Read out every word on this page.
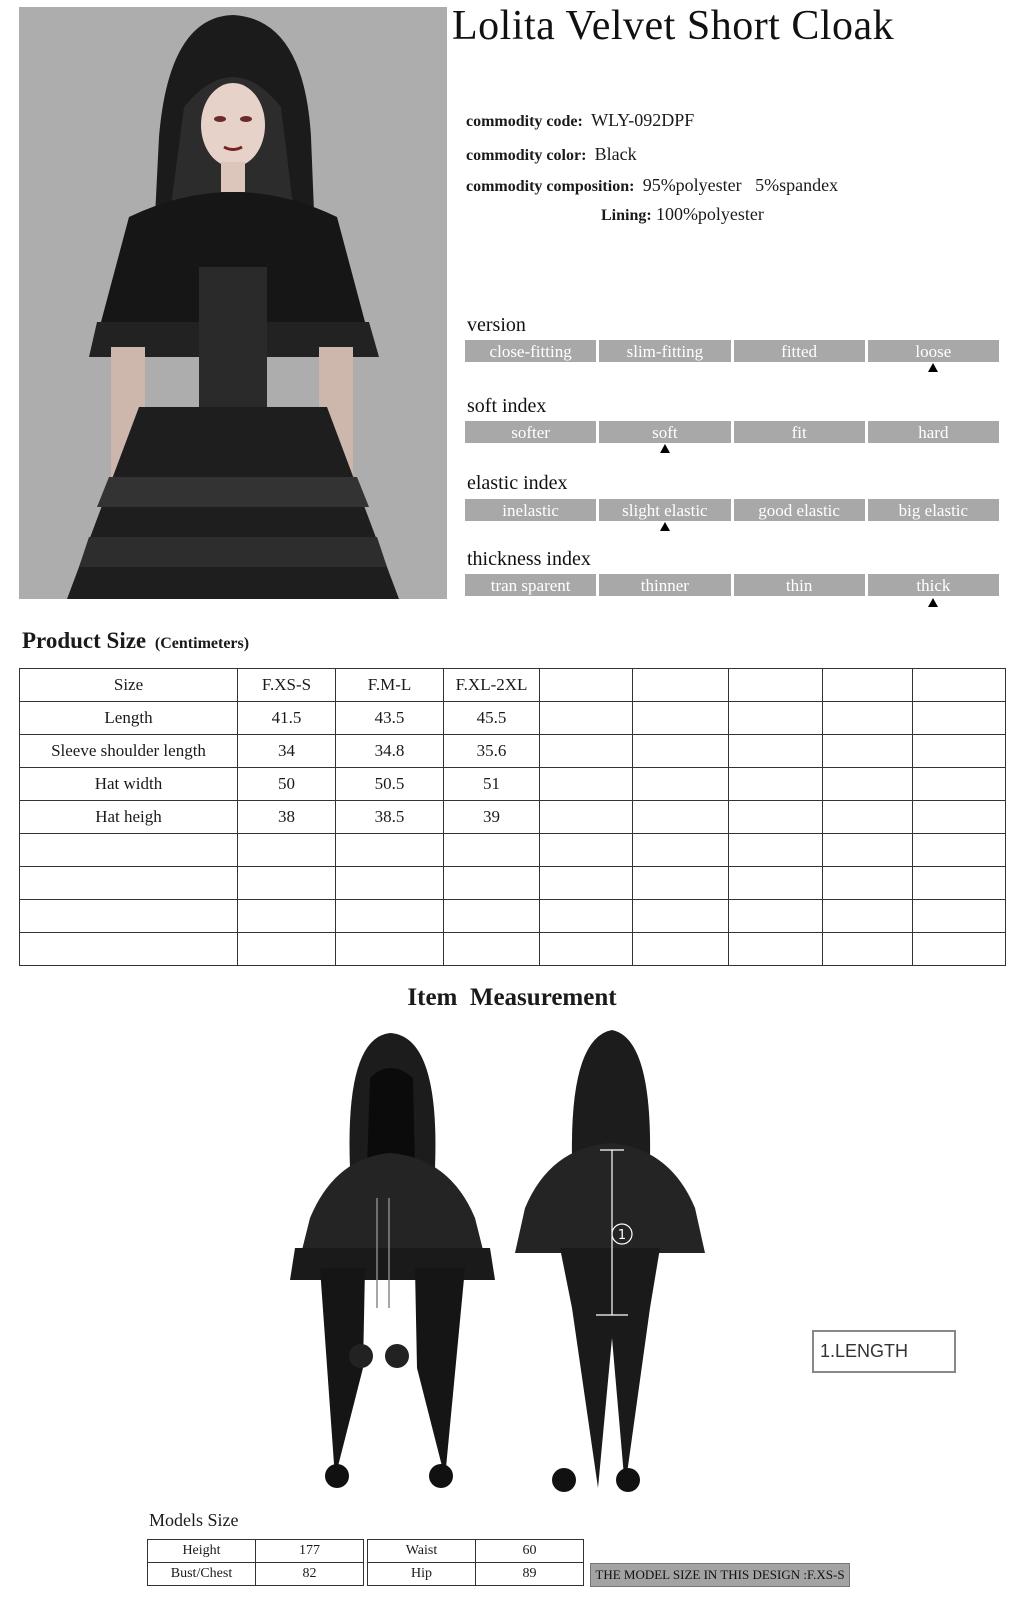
Lolita Velvet Short Cloak
commodity code: WLY-092DPF
commodity color: Black
commodity composition: 95%polyester   5%spandex
Lining: 100%polyester
version
close-fitting	slim-fitting	fitted	loose
soft index
softer	soft	fit	hard
elastic index
inelastic	slight elastic	good elastic	big elastic
thickness index
tran sparent	thinner	thin	thick
Product Size (Centimeters)
Size	F.XS-S	F.M-L	F.XL-2XL					
Length	41.5	43.5	45.5					
Sleeve shoulder length	34	34.8	35.6					
Hat width	50	50.5	51					
Hat heigh	38	38.5	39					

Item  Measurement
1
1.LENGTH
Models Size
Height	177
Bust/Chest	82
Waist	60
Hip	89	THE MODEL SIZE IN THIS DESIGN :F.XS-S
